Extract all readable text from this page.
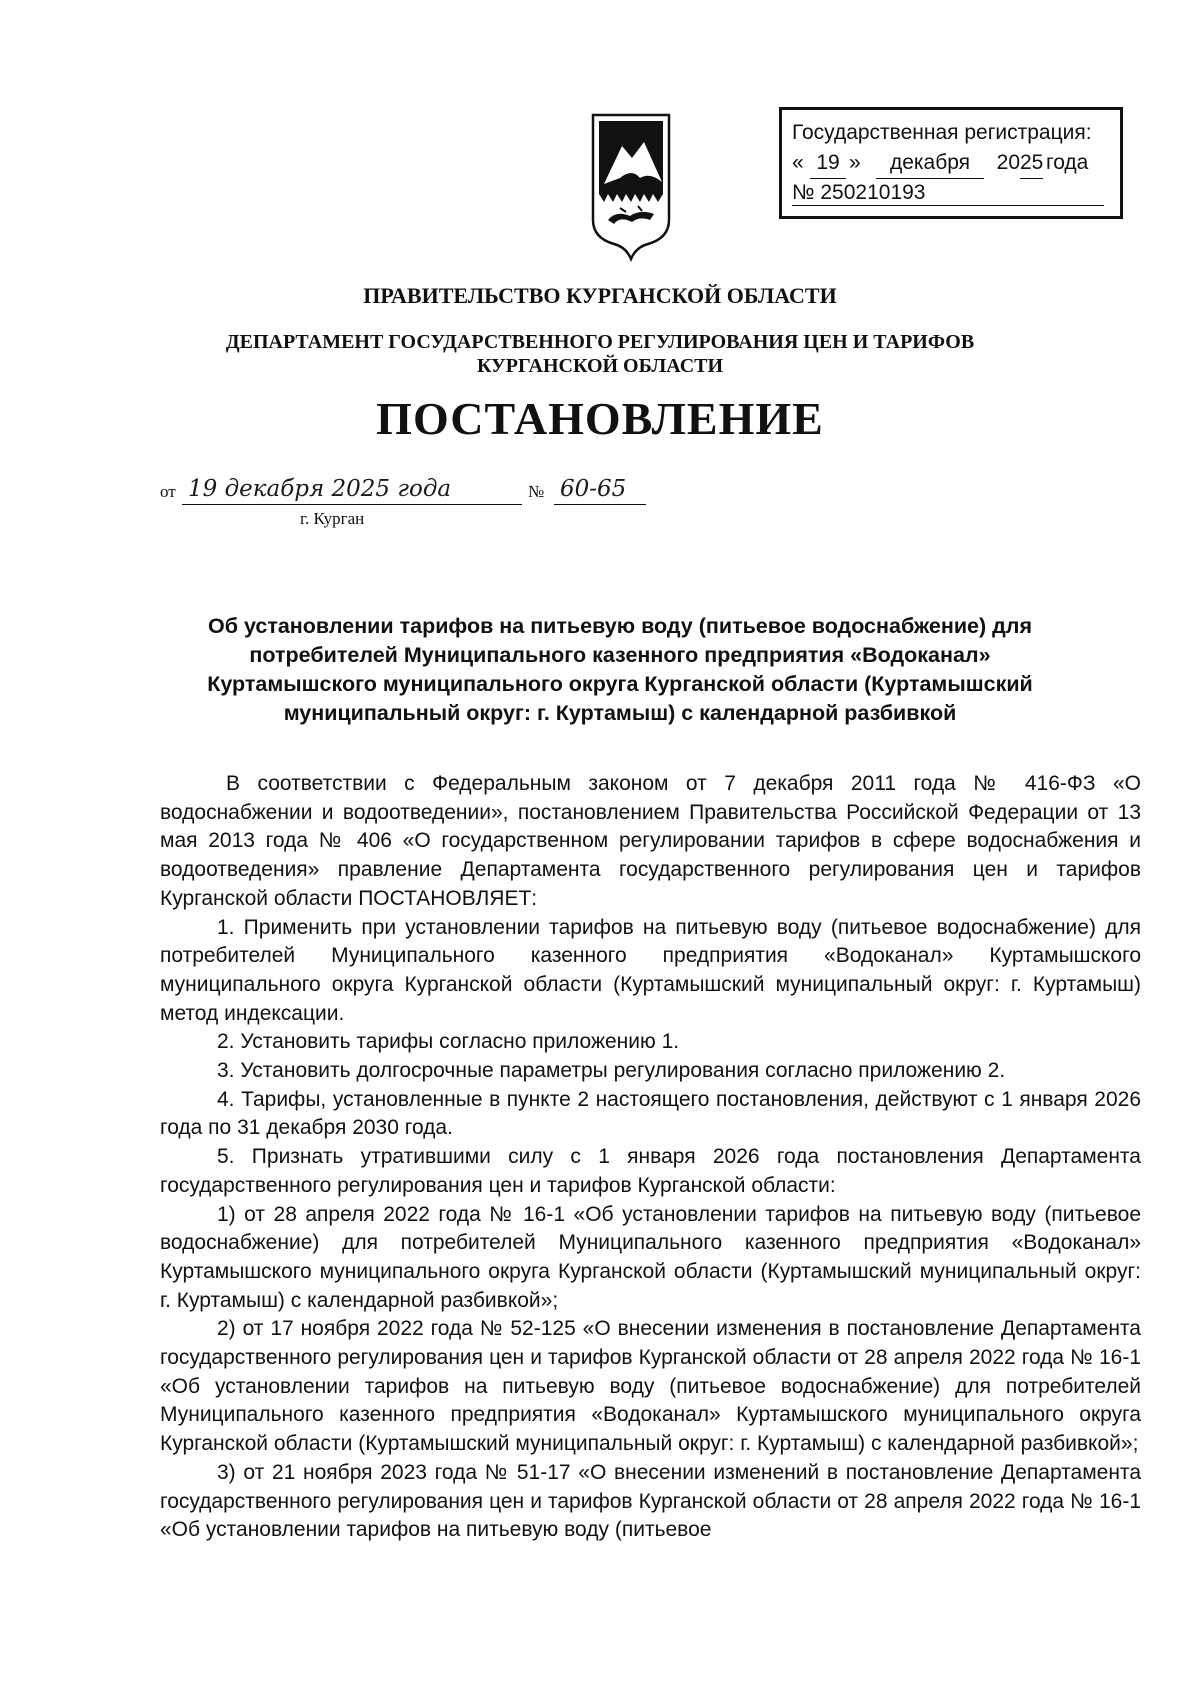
Государственная регистрация:
« 19 »	декабря	20 25 года
№ 250210193
ПРАВИТЕЛЬСТВО КУРГАНСКОЙ ОБЛАСТИ
ДЕПАРТАМЕНТ ГОСУДАРСТВЕННОГО РЕГУЛИРОВАНИЯ ЦЕН И ТАРИФОВ
КУРГАНСКОЙ ОБЛАСТИ
ПОСТАНОВЛЕНИЕ
от 19 декабря 2025 года	№ 60-65
г. Курган
Об установлении тарифов на питьевую воду (питьевое водоснабжение) для
потребителей Муниципального казенного предприятия «Водоканал»
Куртамышского муниципального округа Курганской области (Куртамышский
муниципальный округ: г. Куртамыш) с календарной разбивкой

В соответствии с Федеральным законом от 7 декабря 2011 года № 416-ФЗ «О водоснабжении и водоотведении», постановлением Правительства Российской Федерации от 13 мая 2013 года № 406 «О государственном регулировании тарифов в сфере водоснабжения и водоотведения» правление Департамента государственного регулирования цен и тарифов Курганской области ПОСТАНОВЛЯЕТ:

1. Применить при установлении тарифов на питьевую воду (питьевое водоснабжение) для потребителей Муниципального казенного предприятия «Водоканал» Куртамышского муниципального округа Курганской области (Куртамышский муниципальный округ: г. Куртамыш) метод индексации.

2. Установить тарифы согласно приложению 1.

3. Установить долгосрочные параметры регулирования согласно приложению 2.

4. Тарифы, установленные в пункте 2 настоящего постановления, действуют с 1 января 2026 года по 31 декабря 2030 года.

5. Признать утратившими силу с 1 января 2026 года постановления Департамента государственного регулирования цен и тарифов Курганской области:

1) от 28 апреля 2022 года № 16-1 «Об установлении тарифов на питьевую воду (питьевое водоснабжение) для потребителей Муниципального казенного предприятия «Водоканал» Куртамышского муниципального округа Курганской области (Куртамышский муниципальный округ: г. Куртамыш) с календарной разбивкой»;

2) от 17 ноября 2022 года № 52-125 «О внесении изменения в постановление Департамента государственного регулирования цен и тарифов Курганской области от 28 апреля 2022 года № 16-1 «Об установлении тарифов на питьевую воду (питьевое водоснабжение) для потребителей Муниципального казенного предприятия «Водоканал» Куртамышского муниципального округа Курганской области (Куртамышский муниципальный округ: г. Куртамыш) с календарной разбивкой»;

3) от 21 ноября 2023 года № 51-17 «О внесении изменений в постановление Департамента государственного регулирования цен и тарифов Курганской области от 28 апреля 2022 года № 16-1 «Об установлении тарифов на питьевую воду (питьевое
